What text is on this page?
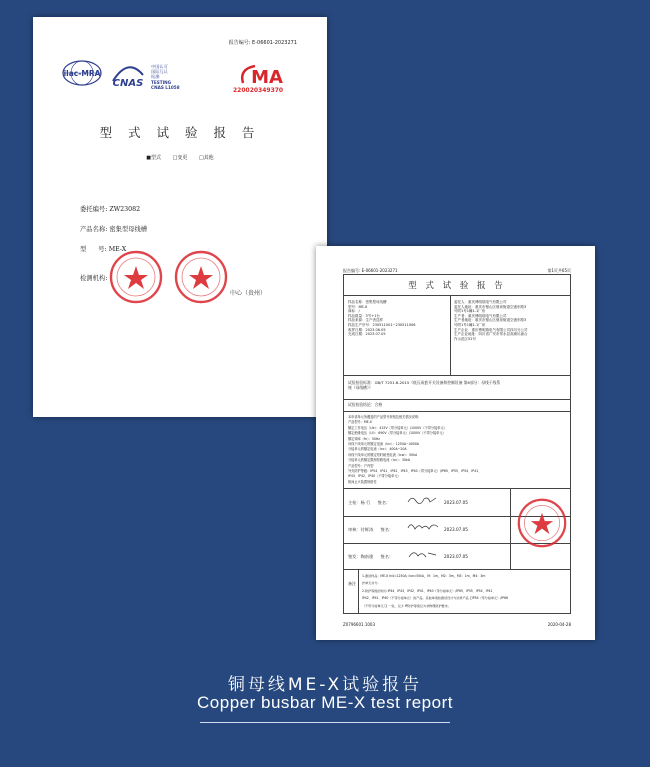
报告编号: E-06601-2023271
ilac-MRA
CNAS
中国认可
国际互认
检测
TESTING
CNAS L1058	MA
220020349370
型 式 试 验 报 告
■型式 □变更 □其他
委托编号: ZW23082
产品名称: 密集型母线槽
型      号: ME-X
检测机构:
中心（贵州）
报告编号: E-06601-2023271	第1页共65页
型 式 试 验 报 告
样品名称：密集型母线槽
型号：ME-X
商标：/
样品数量：3节+1台
样品来源：生产者送样
样品生产序号：230511001~230511006
收样日期：2023.06.05
完成日期：2023.07.05
委托人：重庆博明瑞电气有限公司
委托人地址：重庆市璧山区璧泉街道空港东路3
号附1号1幢1-1厂房
生产者：重庆博明瑞电气有限公司
生产者地址：重庆市璧山区璧泉街道空港东路3
号附1号1幢1-1厂房
生产企业：重庆博明瑞电气有限公司四川分公司
生产企业地址：四川省广安市邻水县高滩川渝合
作示范区52号
试验检验标准：GB/T 7251.6-2015《低压成套开关设备和控制设备 第6部分：母线干线系
统（母线槽）》
试验检验结论：合格
本申请单元所覆盖的产品型号规格及相关情况说明：
产品型号：ME-X
额定工作电压（Ue）：415V（带分接单元）/1000V（不带分接单元）
额定绝缘电压（Ui）：690V（带分接单元）/1000V（不带分接单元）
额定频率（fn）：50Hz
母线干线单元的额定电流（Inc）：1250A~4000A
分接单元的额定电流（Inc）：400A~20A
母线干线单元的额定短时耐受电流（Icw）：50kA
分接单元的额定限制短路电流（Icc）：30kA
产品型号：户内型
外壳防护等级：IP54、IP41、IP42、IP43、IP40（带分接单元）/IP65、IP55、IP54、IP41、
IP43、IP42、IP40（不带分接单元）
相间止火装置规格性
主检：杨 行 签名：	2023.07.05
审核：付辉涛 签名：	2023.07.05
签发：陶南建 签名：	2023.07.05
备注
1.测试样品：ME-X In4=1250A; Icw=50kA，M：1m，M2：3m，M3：1m，M4：3m
护单元共分.
2.防护等级的判为 IP44、IP43、IP42、IP41、IP40（带分接单元）/IP65、IP55、IP54、IP41、
IP42、IP41、IP40（不带分接单元）的产品。其他单项检测试设计与试样产品【IP54（带分接单元）/IP66
（不带分接单元）】一致，仅少 IP防护等级仅为非物理防护要求。
Z0796601.1003	2020-04-28
铜母线ME-X试验报告
Copper busbar ME-X test report
